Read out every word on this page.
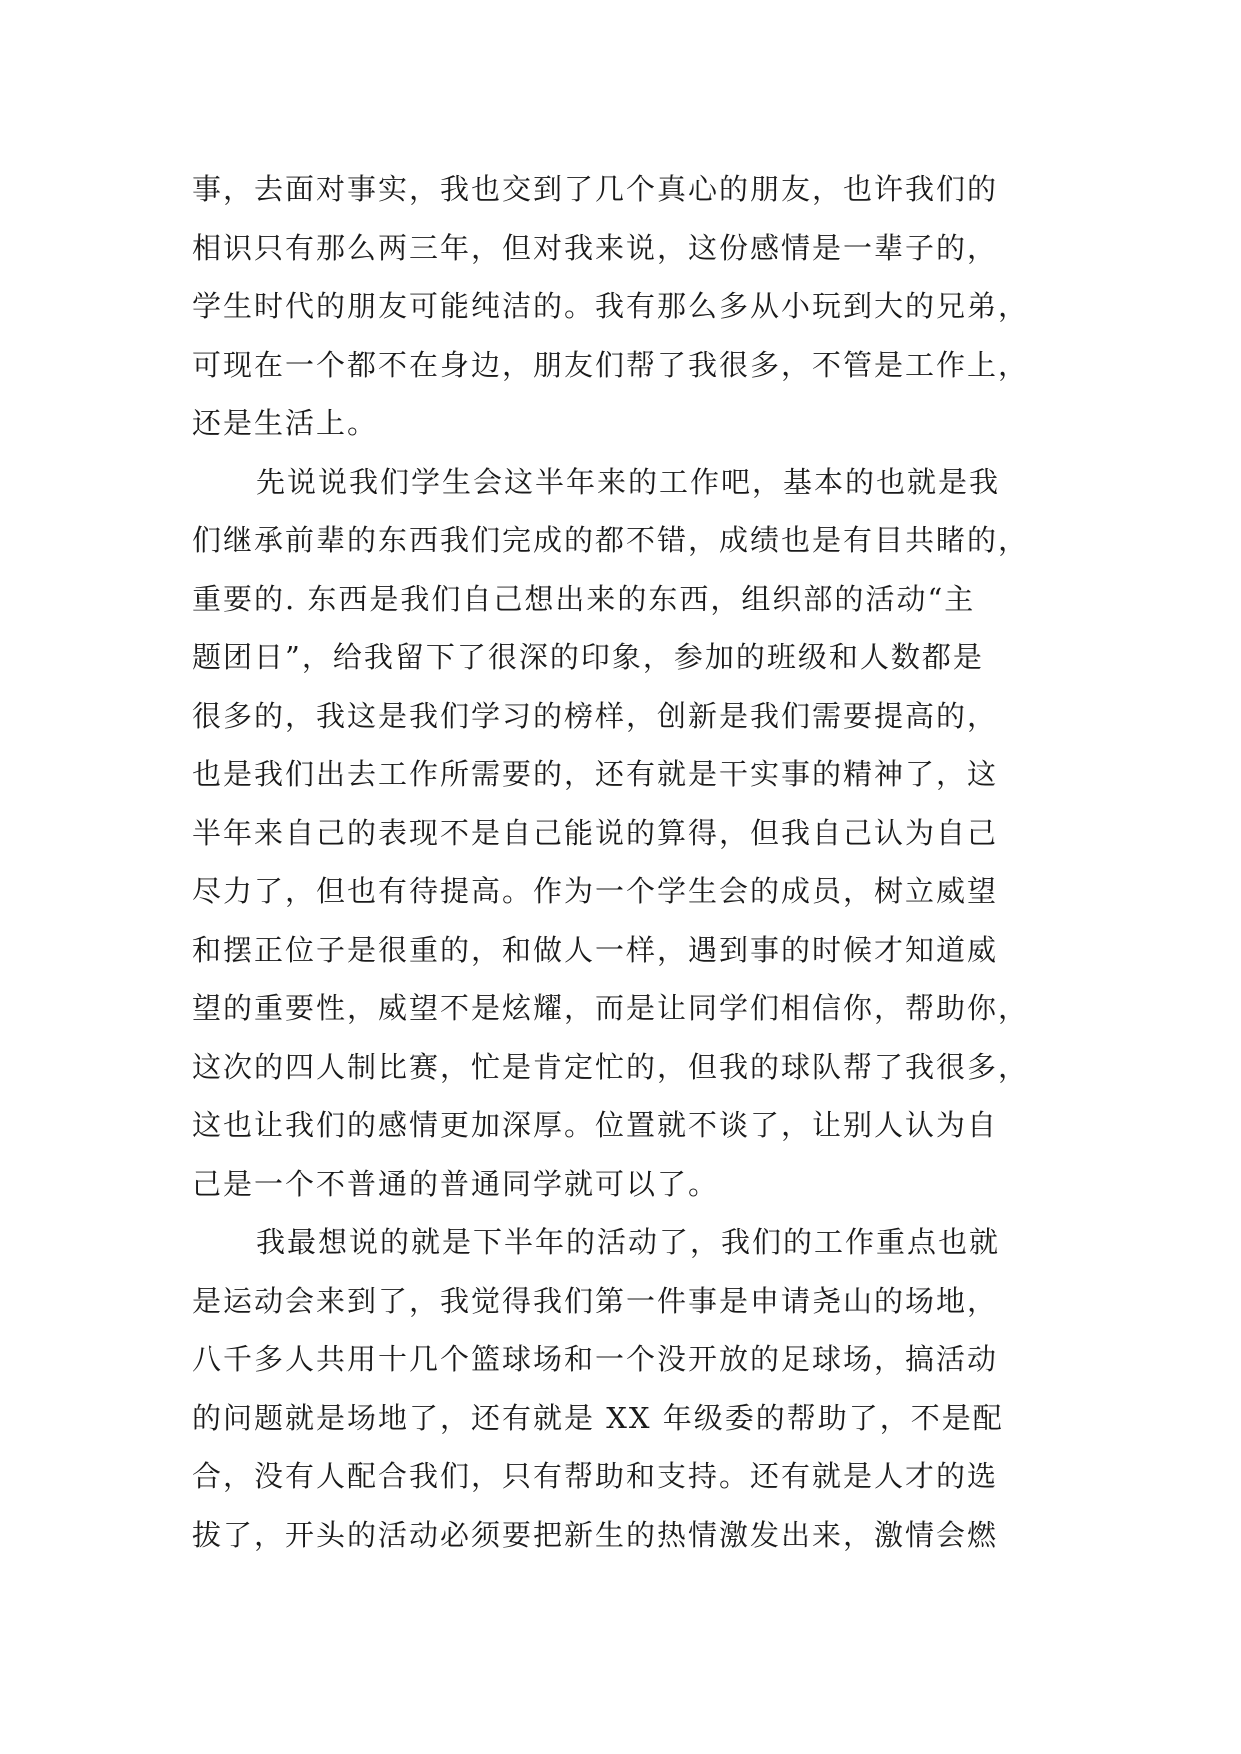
事，去面对事实，我也交到了几个真心的朋友，也许我们的
相识只有那么两三年，但对我来说，这份感情是一辈子的，
学生时代的朋友可能纯洁的。我有那么多从小玩到大的兄弟，
可现在一个都不在身边，朋友们帮了我很多，不管是工作上，
还是生活上。
先说说我们学生会这半年来的工作吧，基本的也就是我
们继承前辈的东西我们完成的都不错，成绩也是有目共睹的，
重要的. 东西是我们自己想出来的东西，组织部的活动“主
题团日”，给我留下了很深的印象，参加的班级和人数都是
很多的，我这是我们学习的榜样，创新是我们需要提高的，
也是我们出去工作所需要的，还有就是干实事的精神了，这
半年来自己的表现不是自己能说的算得，但我自己认为自己
尽力了，但也有待提高。作为一个学生会的成员，树立威望
和摆正位子是很重的，和做人一样，遇到事的时候才知道威
望的重要性，威望不是炫耀，而是让同学们相信你，帮助你，
这次的四人制比赛，忙是肯定忙的，但我的球队帮了我很多，
这也让我们的感情更加深厚。位置就不谈了，让别人认为自
己是一个不普通的普通同学就可以了。
我最想说的就是下半年的活动了，我们的工作重点也就
是运动会来到了，我觉得我们第一件事是申请尧山的场地，
八千多人共用十几个篮球场和一个没开放的足球场，搞活动
的问题就是场地了，还有就是 XX 年级委的帮助了，不是配
合，没有人配合我们，只有帮助和支持。还有就是人才的选
拔了，开头的活动必须要把新生的热情激发出来，激情会燃
